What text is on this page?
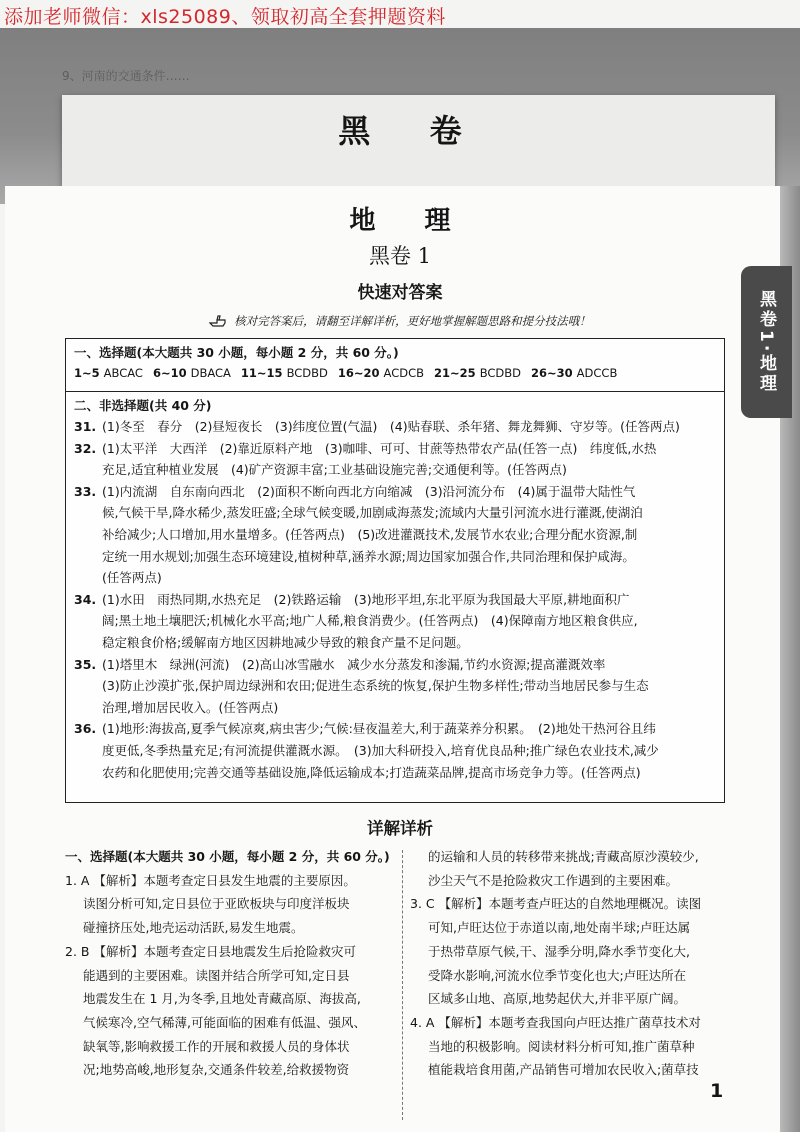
9、河南的交通条件……
黑 卷
黑卷1·地理
添加老师微信：xls25089、领取初高全套押题资料
地 理
黑卷 1
快速对答案
核对完答案后，请翻至详解详析，更好地掌握解题思路和提分技法哦！
一、选择题(本大题共 30 小题，每小题 2 分，共 60 分。)
1~5 ABCAC 6~10 DBACA 11~15 BCDBD 16~20 ACDCB 21~25 BCDBD 26~30 ADCCB
二、非选择题(共 40 分)
31. (1)冬至　春分　(2)昼短夜长　(3)纬度位置(气温)　(4)贴春联、杀年猪、舞龙舞狮、守岁等。(任答两点)
32. (1)太平洋　大西洋　(2)靠近原料产地　(3)咖啡、可可、甘蔗等热带农产品(任答一点)　纬度低,水热
充足,适宜种植业发展　(4)矿产资源丰富;工业基础设施完善;交通便利等。(任答两点)
33. (1)内流湖　自东南向西北　(2)面积不断向西北方向缩减　(3)沿河流分布　(4)属于温带大陆性气
候,气候干旱,降水稀少,蒸发旺盛;全球气候变暖,加剧咸海蒸发;流域内大量引河流水进行灌溉,使湖泊
补给减少;人口增加,用水量增多。(任答两点)　(5)改进灌溉技术,发展节水农业;合理分配水资源,制
定统一用水规划;加强生态环境建设,植树种草,涵养水源;周边国家加强合作,共同治理和保护咸海。
(任答两点)
34. (1)水田　雨热同期,水热充足　(2)铁路运输　(3)地形平坦,东北平原为我国最大平原,耕地面积广
阔;黑土地土壤肥沃;机械化水平高;地广人稀,粮食消费少。(任答两点)　(4)保障南方地区粮食供应,
稳定粮食价格;缓解南方地区因耕地减少导致的粮食产量不足问题。
35. (1)塔里木　绿洲(河流)　(2)高山冰雪融水　减少水分蒸发和渗漏,节约水资源;提高灌溉效率
(3)防止沙漠扩张,保护周边绿洲和农田;促进生态系统的恢复,保护生物多样性;带动当地居民参与生态
治理,增加居民收入。(任答两点)
36. (1)地形:海拔高,夏季气候凉爽,病虫害少;气候:昼夜温差大,利于蔬菜养分积累。　(2)地处干热河谷且纬
度更低,冬季热量充足;有河流提供灌溉水源。　(3)加大科研投入,培育优良品种;推广绿色农业技术,减少
农药和化肥使用;完善交通等基础设施,降低运输成本;打造蔬菜品牌,提高市场竞争力等。(任答两点)
详解详析
一、选择题(本大题共 30 小题，每小题 2 分，共 60 分。)
1. A 【解析】本题考查定日县发生地震的主要原因。
读图分析可知,定日县位于亚欧板块与印度洋板块
碰撞挤压处,地壳运动活跃,易发生地震。
2. B 【解析】本题考查定日县地震发生后抢险救灾可
能遇到的主要困难。读图并结合所学可知,定日县
地震发生在 1 月,为冬季,且地处青藏高原、海拔高,
气候寒冷,空气稀薄,可能面临的困难有低温、强风、
缺氧等,影响救援工作的开展和救援人员的身体状
况;地势高峻,地形复杂,交通条件较差,给救援物资
的运输和人员的转移带来挑战;青藏高原沙漠较少,
沙尘天气不是抢险救灾工作遇到的主要困难。
3. C 【解析】本题考查卢旺达的自然地理概况。读图
可知,卢旺达位于赤道以南,地处南半球;卢旺达属
于热带草原气候,干、湿季分明,降水季节变化大,
受降水影响,河流水位季节变化也大;卢旺达所在
区域多山地、高原,地势起伏大,并非平原广阔。
4. A 【解析】本题考查我国向卢旺达推广菌草技术对
当地的积极影响。阅读材料分析可知,推广菌草种
植能栽培食用菌,产品销售可增加农民收入;菌草技
1
